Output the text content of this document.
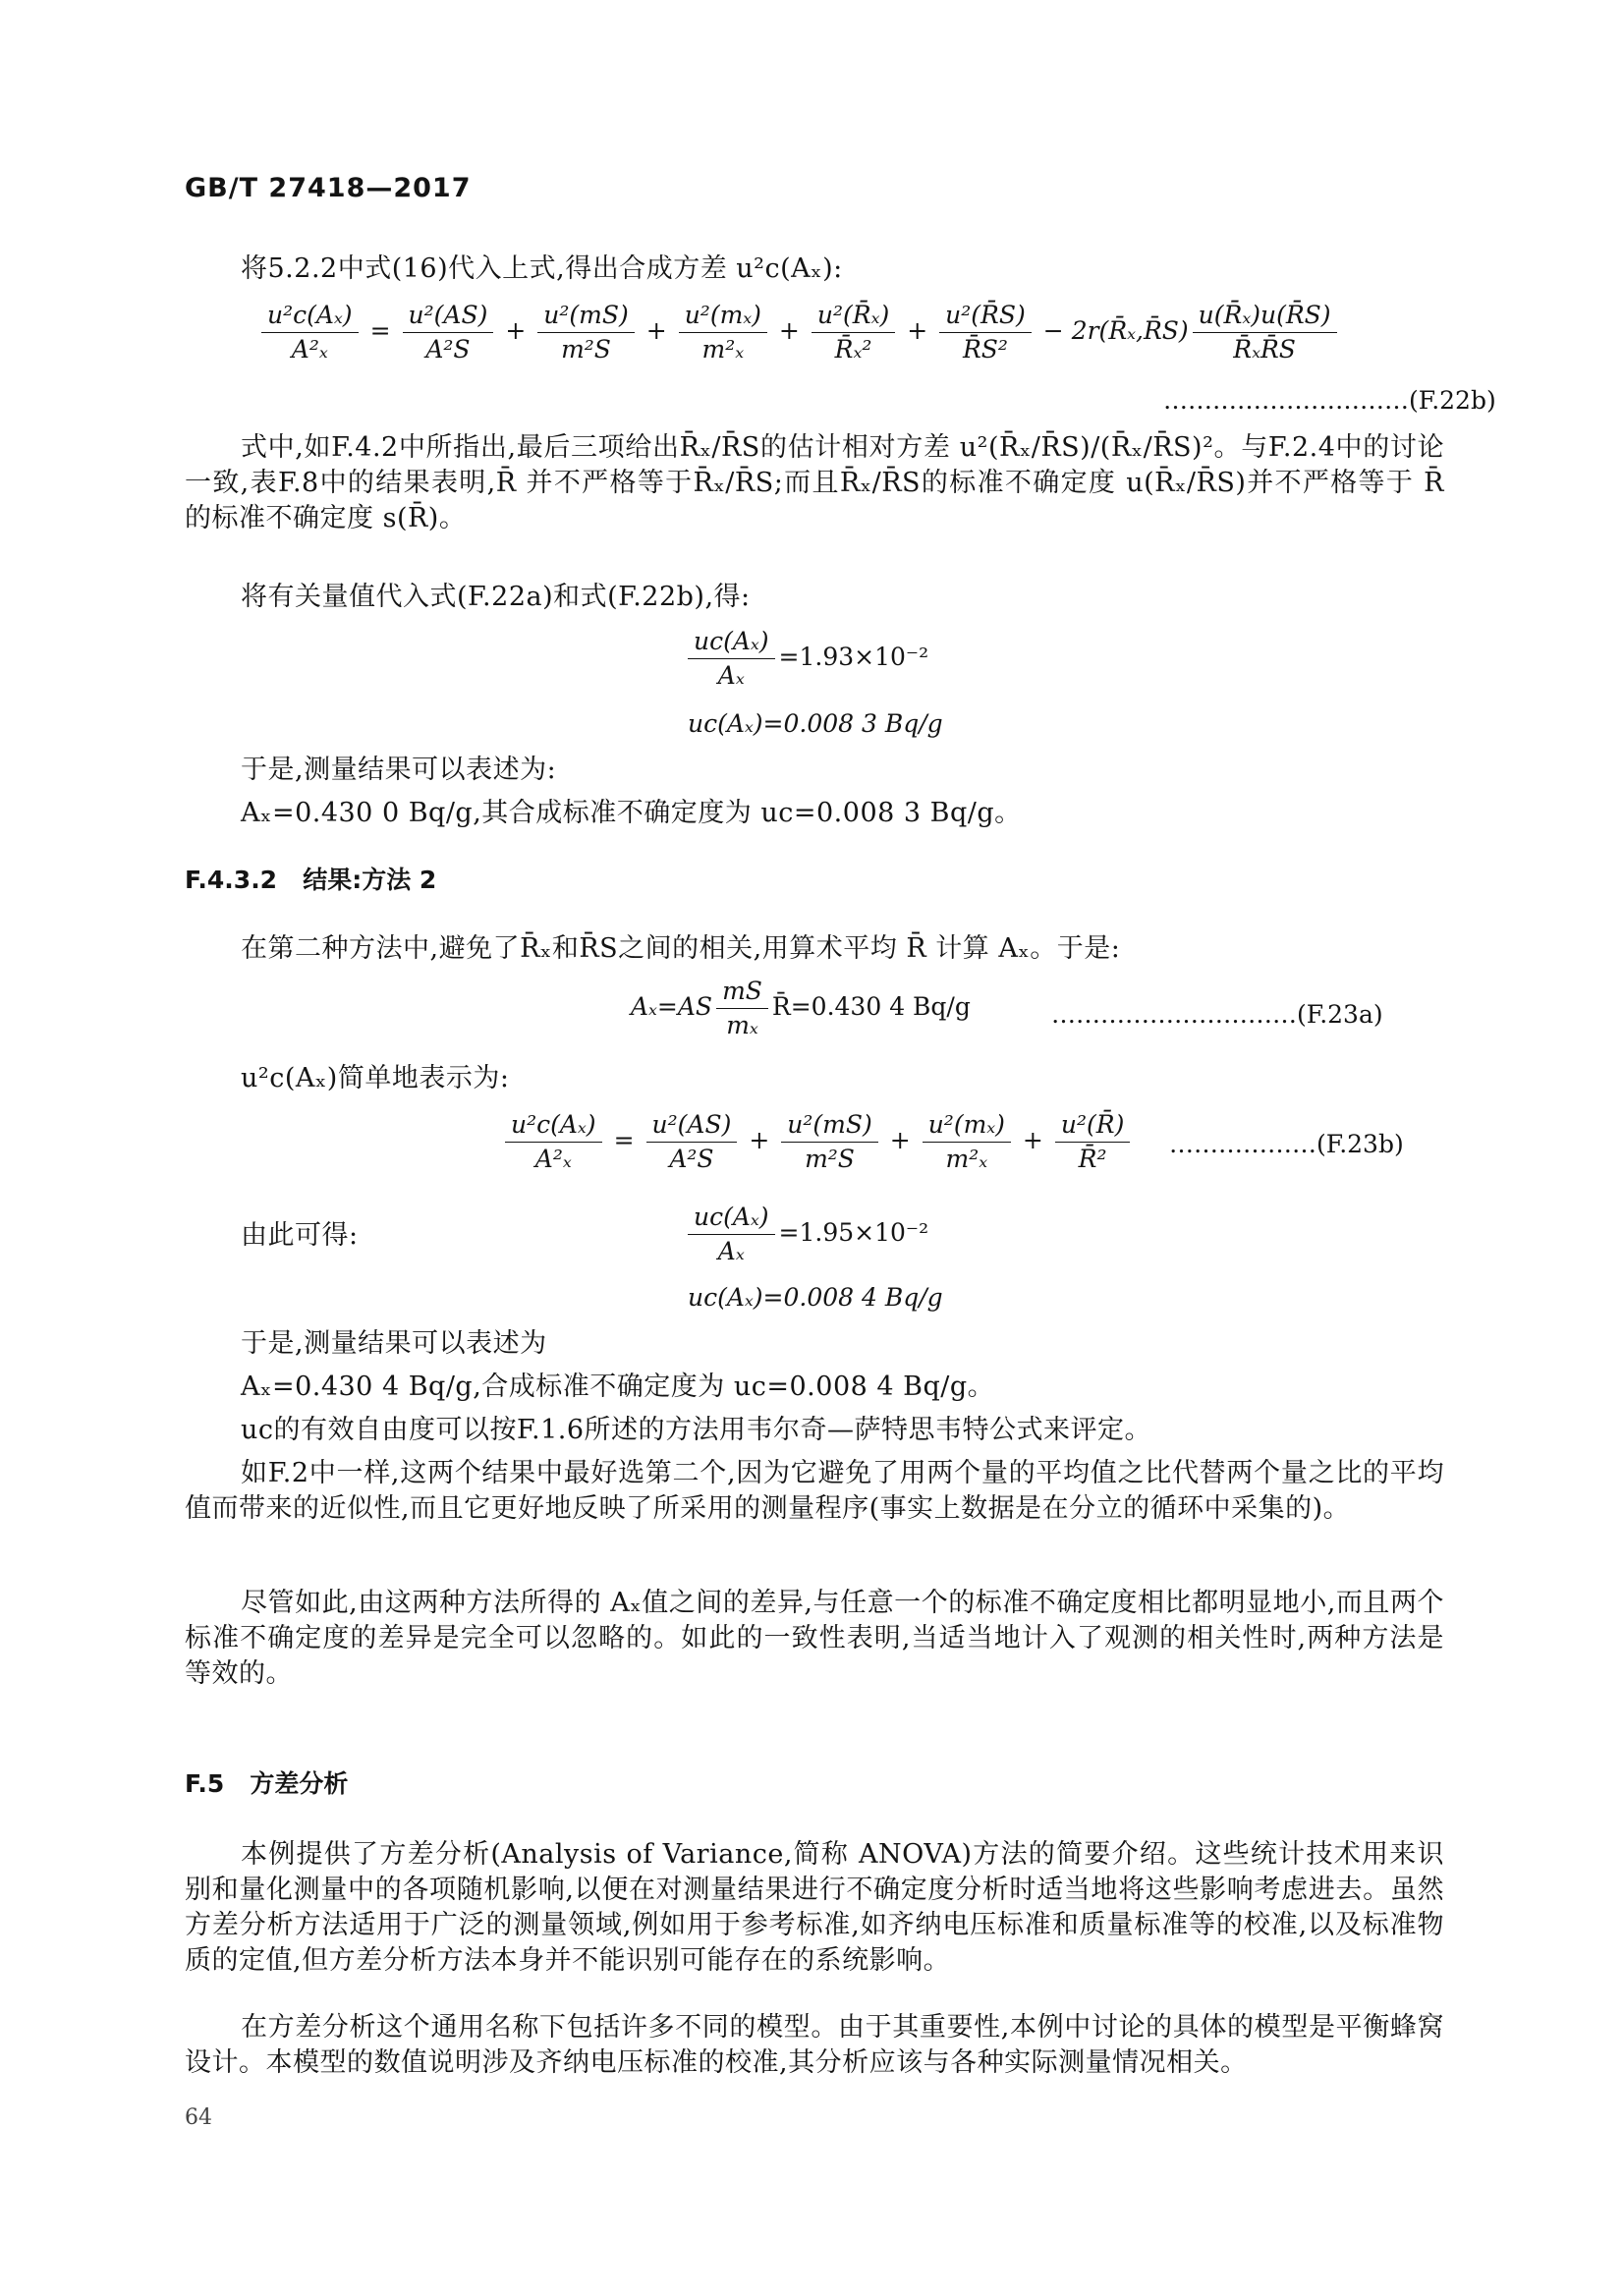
GB/T 27418—2017
将5.2.2中式(16)代入上式,得出合成方差 u²c(Aₓ):
$\frac{\text{u²c(Aₓ)}}{\text{A²ₓ}} = \frac{\text{u²(AS)}}{\text{A²S}} + \frac{\text{u²(mS)}}{\text{m²S}} + \frac{\text{u²(mₓ)}}{\text{m²ₓ}} + \frac{\text{u²(R̄ₓ)}}{\text{R̄ₓ²}} + \frac{\text{u²(R̄S)}}{\text{R̄S²}}$ − 2r(R̄ₓ,R̄S) $\frac{\text{u(R̄ₓ)u(R̄S)}}{\text{R̄ₓR̄S}}$
…………………………(F.22b)
式中,如F.4.2中所指出,最后三项给出R̄ₓ/R̄S的估计相对方差 u²(R̄ₓ/R̄S)/(R̄ₓ/R̄S)²。与F.2.4中的讨论一致,表F.8中的结果表明,R̄ 并不严格等于R̄ₓ/R̄S;而且R̄ₓ/R̄S的标准不确定度 u(R̄ₓ/R̄S)并不严格等于 R̄ 的标准不确定度 s(R̄)。
将有关量值代入式(F.22a)和式(F.22b),得:
$\frac{\text{uc(Aₓ)}}{\text{Aₓ}} =1.93\times 10^{-2}$
uc(Aₓ)=0.008 3 Bq/g
于是,测量结果可以表述为:
Aₓ=0.430 0 Bq/g,其合成标准不确定度为 uc=0.008 3 Bq/g。
F.4.3.2 结果:方法 2
在第二种方法中,避免了R̄ₓ和R̄S之间的相关,用算术平均 R̄ 计算 Aₓ。于是:
$A_x=AS \frac{mS}{\text{mₓ}}$ R̄=0.430 4 Bq/g	…………………………(F.23a)
u²c(Aₓ)简单地表示为:
$\frac{\text{u²c(Aₓ)}}{\text{A²ₓ}} = \frac{\text{u²(AS)}}{\text{A²S}} + \frac{\text{u²(mS)}}{\text{m²S}} + \frac{\text{u²(mₓ)}}{\text{m²ₓ}} + \frac{\text{u²(R̄)}}{\text{R̄²}}$ ………………(F.23b)
由此可得:	$\frac{\text{uc(Aₓ)}}{\text{Aₓ}} =1.95\times 10^{-2}$
uc(Aₓ)=0.008 4 Bq/g
于是,测量结果可以表述为
Aₓ=0.430 4 Bq/g,合成标准不确定度为 uc=0.008 4 Bq/g。
uc的有效自由度可以按F.1.6所述的方法用韦尔奇—萨特思韦特公式来评定。
如F.2中一样,这两个结果中最好选第二个,因为它避免了用两个量的平均值之比代替两个量之比的平均值而带来的近似性,而且它更好地反映了所采用的测量程序(事实上数据是在分立的循环中采集的)。
尽管如此,由这两种方法所得的 Aₓ值之间的差异,与任意一个的标准不确定度相比都明显地小,而且两个标准不确定度的差异是完全可以忽略的。如此的一致性表明,当适当地计入了观测的相关性时,两种方法是等效的。
F.5 方差分析
本例提供了方差分析(Analysis of Variance,简称 ANOVA)方法的简要介绍。这些统计技术用来识别和量化测量中的各项随机影响,以便在对测量结果进行不确定度分析时适当地将这些影响考虑进去。虽然方差分析方法适用于广泛的测量领域,例如用于参考标准,如齐纳电压标准和质量标准等的校准,以及标准物质的定值,但方差分析方法本身并不能识别可能存在的系统影响。
在方差分析这个通用名称下包括许多不同的模型。由于其重要性,本例中讨论的具体的模型是平衡蜂窝设计。本模型的数值说明涉及齐纳电压标准的校准,其分析应该与各种实际测量情况相关。
64
